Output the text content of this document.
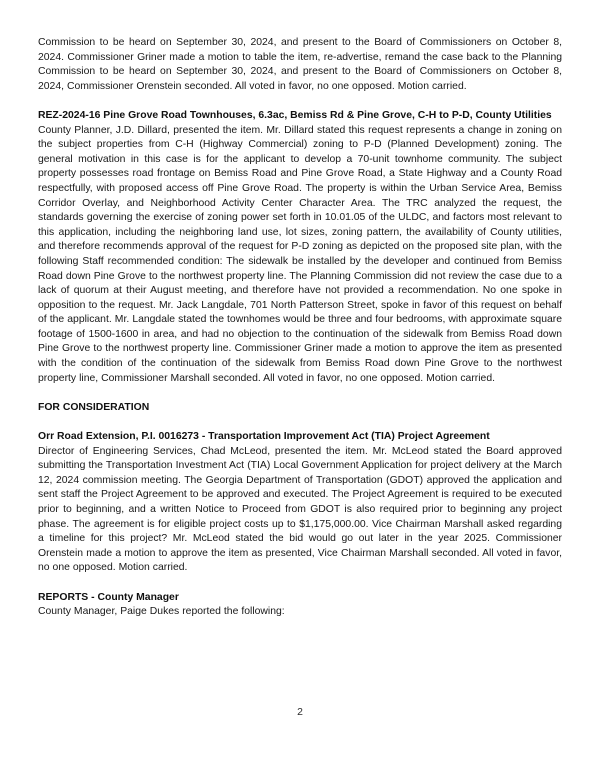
Commission to be heard on September 30, 2024, and present to the Board of Commissioners on October 8, 2024. Commissioner Griner made a motion to table the item, re-advertise, remand the case back to the Planning Commission to be heard on September 30, 2024, and present to the Board of Commissioners on October 8, 2024, Commissioner Orenstein seconded. All voted in favor, no one opposed. Motion carried.

REZ-2024-16 Pine Grove Road Townhouses, 6.3ac, Bemiss Rd & Pine Grove, C-H to P-D, County Utilities

County Planner, J.D. Dillard, presented the item. Mr. Dillard stated this request represents a change in zoning on the subject properties from C-H (Highway Commercial) zoning to P-D (Planned Development) zoning. The general motivation in this case is for the applicant to develop a 70-unit townhome community. The subject property possesses road frontage on Bemiss Road and Pine Grove Road, a State Highway and a County Road respectfully, with proposed access off Pine Grove Road. The property is within the Urban Service Area, Bemiss Corridor Overlay, and Neighborhood Activity Center Character Area. The TRC analyzed the request, the standards governing the exercise of zoning power set forth in 10.01.05 of the ULDC, and factors most relevant to this application, including the neighboring land use, lot sizes, zoning pattern, the availability of County utilities, and therefore recommends approval of the request for P-D zoning as depicted on the proposed site plan, with the following Staff recommended condition: The sidewalk be installed by the developer and continued from Bemiss Road down Pine Grove to the northwest property line. The Planning Commission did not review the case due to a lack of quorum at their August meeting, and therefore have not provided a recommendation. No one spoke in opposition to the request. Mr. Jack Langdale, 701 North Patterson Street, spoke in favor of this request on behalf of the applicant. Mr. Langdale stated the townhomes would be three and four bedrooms, with approximate square footage of 1500-1600 in area, and had no objection to the continuation of the sidewalk from Bemiss Road down Pine Grove to the northwest property line. Commissioner Griner made a motion to approve the item as presented with the condition of the continuation of the sidewalk from Bemiss Road down Pine Grove to the northwest property line, Commissioner Marshall seconded. All voted in favor, no one opposed. Motion carried.

FOR CONSIDERATION
Orr Road Extension, P.I. 0016273 - Transportation Improvement Act (TIA) Project Agreement

Director of Engineering Services, Chad McLeod, presented the item. Mr. McLeod stated the Board approved submitting the Transportation Investment Act (TIA) Local Government Application for project delivery at the March 12, 2024 commission meeting. The Georgia Department of Transportation (GDOT) approved the application and sent staff the Project Agreement to be approved and executed. The Project Agreement is required to be executed prior to beginning, and a written Notice to Proceed from GDOT is also required prior to beginning any project phase. The agreement is for eligible project costs up to $1,175,000.00. Vice Chairman Marshall asked regarding a timeline for this project? Mr. McLeod stated the bid would go out later in the year 2025. Commissioner Orenstein made a motion to approve the item as presented, Vice Chairman Marshall seconded. All voted in favor, no one opposed. Motion carried.

REPORTS - County Manager

County Manager, Paige Dukes reported the following:

2
